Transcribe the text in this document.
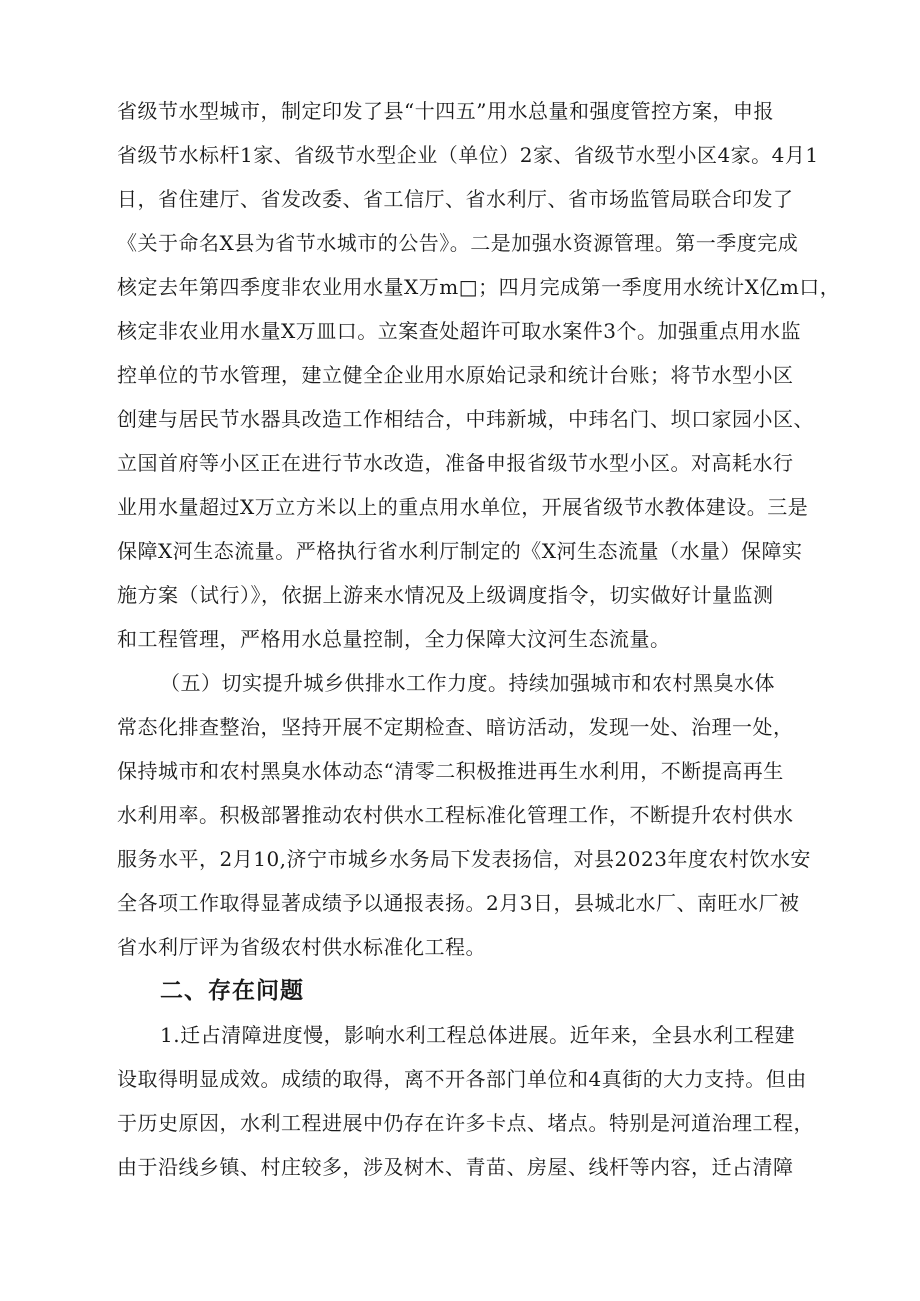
省级节水型城市，制定印发了县“十四五”用水总量和强度管控方案，申报
省级节水标杆1家、省级节水型企业（单位）2家、省级节水型小区4家。4月1
日，省住建厅、省发改委、省工信厅、省水利厅、省市场监管局联合印发了
《关于命名X县为省节水城市的公告》。二是加强水资源管理。第一季度完成
核定去年第四季度非农业用水量X万m□；四月完成第一季度用水统计X亿m口，
核定非农业用水量X万皿口。立案查处超许可取水案件3个。加强重点用水监
控单位的节水管理，建立健全企业用水原始记录和统计台账；将节水型小区
创建与居民节水器具改造工作相结合，中玮新城，中玮名门、坝口家园小区、
立国首府等小区正在进行节水改造，准备申报省级节水型小区。对高耗水行
业用水量超过X万立方米以上的重点用水单位，开展省级节水教体建设。三是
保障X河生态流量。严格执行省水利厅制定的《X河生态流量（水量）保障实
施方案（试行）》，依据上游来水情况及上级调度指令，切实做好计量监测
和工程管理，严格用水总量控制，全力保障大汶河生态流量。
（五）切实提升城乡供排水工作力度。持续加强城市和农村黑臭水体
常态化排查整治，坚持开展不定期检查、暗访活动，发现一处、治理一处，
保持城市和农村黑臭水体动态“清零二积极推进再生水利用，不断提高再生
水利用率。积极部署推动农村供水工程标准化管理工作，不断提升农村供水
服务水平，2月10,济宁市城乡水务局下发表扬信，对县2023年度农村饮水安
全各项工作取得显著成绩予以通报表扬。2月3日，县城北水厂、南旺水厂被
省水利厅评为省级农村供水标准化工程。
二、存在问题
1.迁占清障进度慢，影响水利工程总体进展。近年来，全县水利工程建
设取得明显成效。成绩的取得，离不开各部门单位和4真街的大力支持。但由
于历史原因，水利工程进展中仍存在许多卡点、堵点。特别是河道治理工程，
由于沿线乡镇、村庄较多，涉及树木、青苗、房屋、线杆等内容，迁占清障
